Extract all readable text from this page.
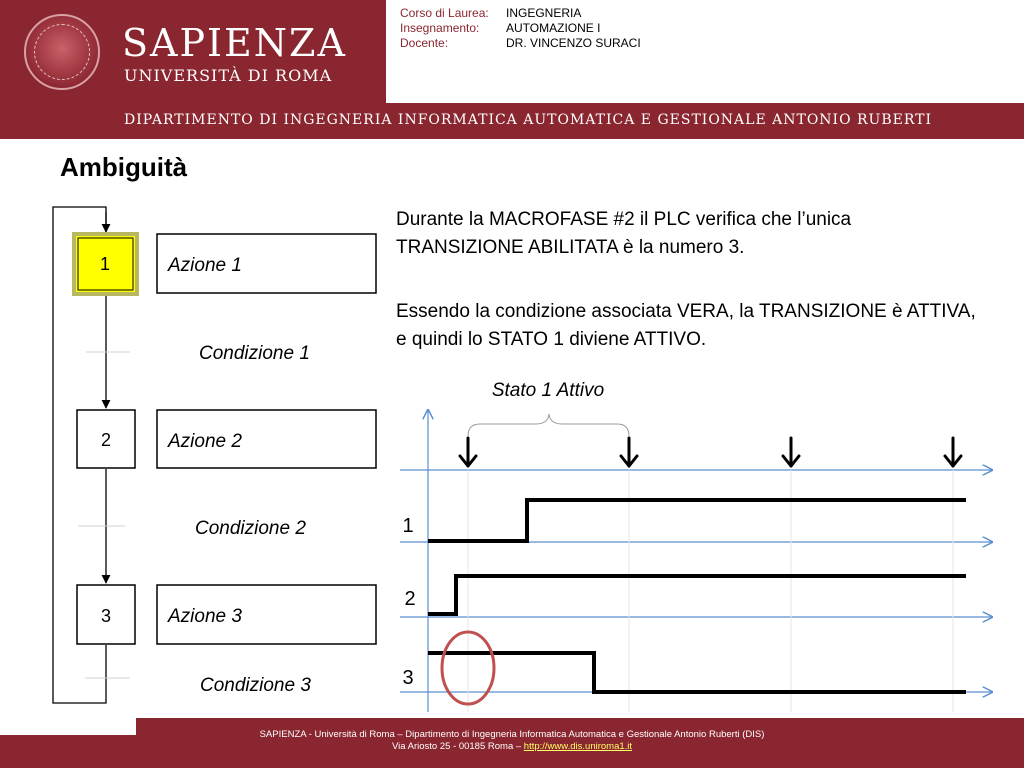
SAPIENZA
UNIVERSITÀ DI ROMA
Corso di Laurea:	INGEGNERIA
Insegnamento:	AUTOMAZIONE I
Docente:	DR. VINCENZO SURACI
DIPARTIMENTO DI INGEGNERIA INFORMATICA AUTOMATICA E GESTIONALE ANTONIO RUBERTI
Ambiguità
Durante la MACROFASE #2 il PLC verifica che l’unica TRANSIZIONE ABILITATA è la numero 3.
Essendo la condizione associata VERA, la TRANSIZIONE è ATTIVA, e quindi lo STATO 1 diviene ATTIVO.
1	Azione 1
2	Azione 2
3	Azione 3
Condizione 1
Condizione 2
Condizione 3
Stato 1 Attivo
1
2
3
SAPIENZA - Università di Roma – Dipartimento di Ingegneria Informatica Automatica e Gestionale Antonio Ruberti (DIS)
Via Ariosto 25 - 00185 Roma – http://www.dis.uniroma1.it
